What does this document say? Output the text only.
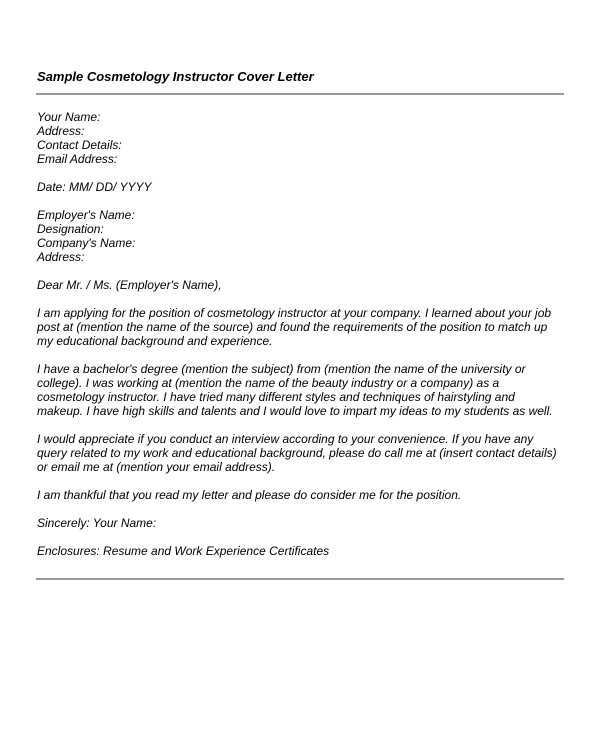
Sample Cosmetology Instructor Cover Letter
Your Name:
Address:
Contact Details:
Email Address:
Date: MM/ DD/ YYYY
Employer's Name:
Designation:
Company's Name:
Address:
Dear Mr. / Ms. (Employer's Name),
I am applying for the position of cosmetology instructor at your company. I learned about your job
post at (mention the name of the source) and found the requirements of the position to match up
my educational background and experience.
I have a bachelor's degree (mention the subject) from (mention the name of the university or
college). I was working at (mention the name of the beauty industry or a company) as a
cosmetology instructor. I have tried many different styles and techniques of hairstyling and
makeup. I have high skills and talents and I would love to impart my ideas to my students as well.
I would appreciate if you conduct an interview according to your convenience. If you have any
query related to my work and educational background, please do call me at (insert contact details)
or email me at (mention your email address).
I am thankful that you read my letter and please do consider me for the position.
Sincerely: Your Name:
Enclosures: Resume and Work Experience Certificates
